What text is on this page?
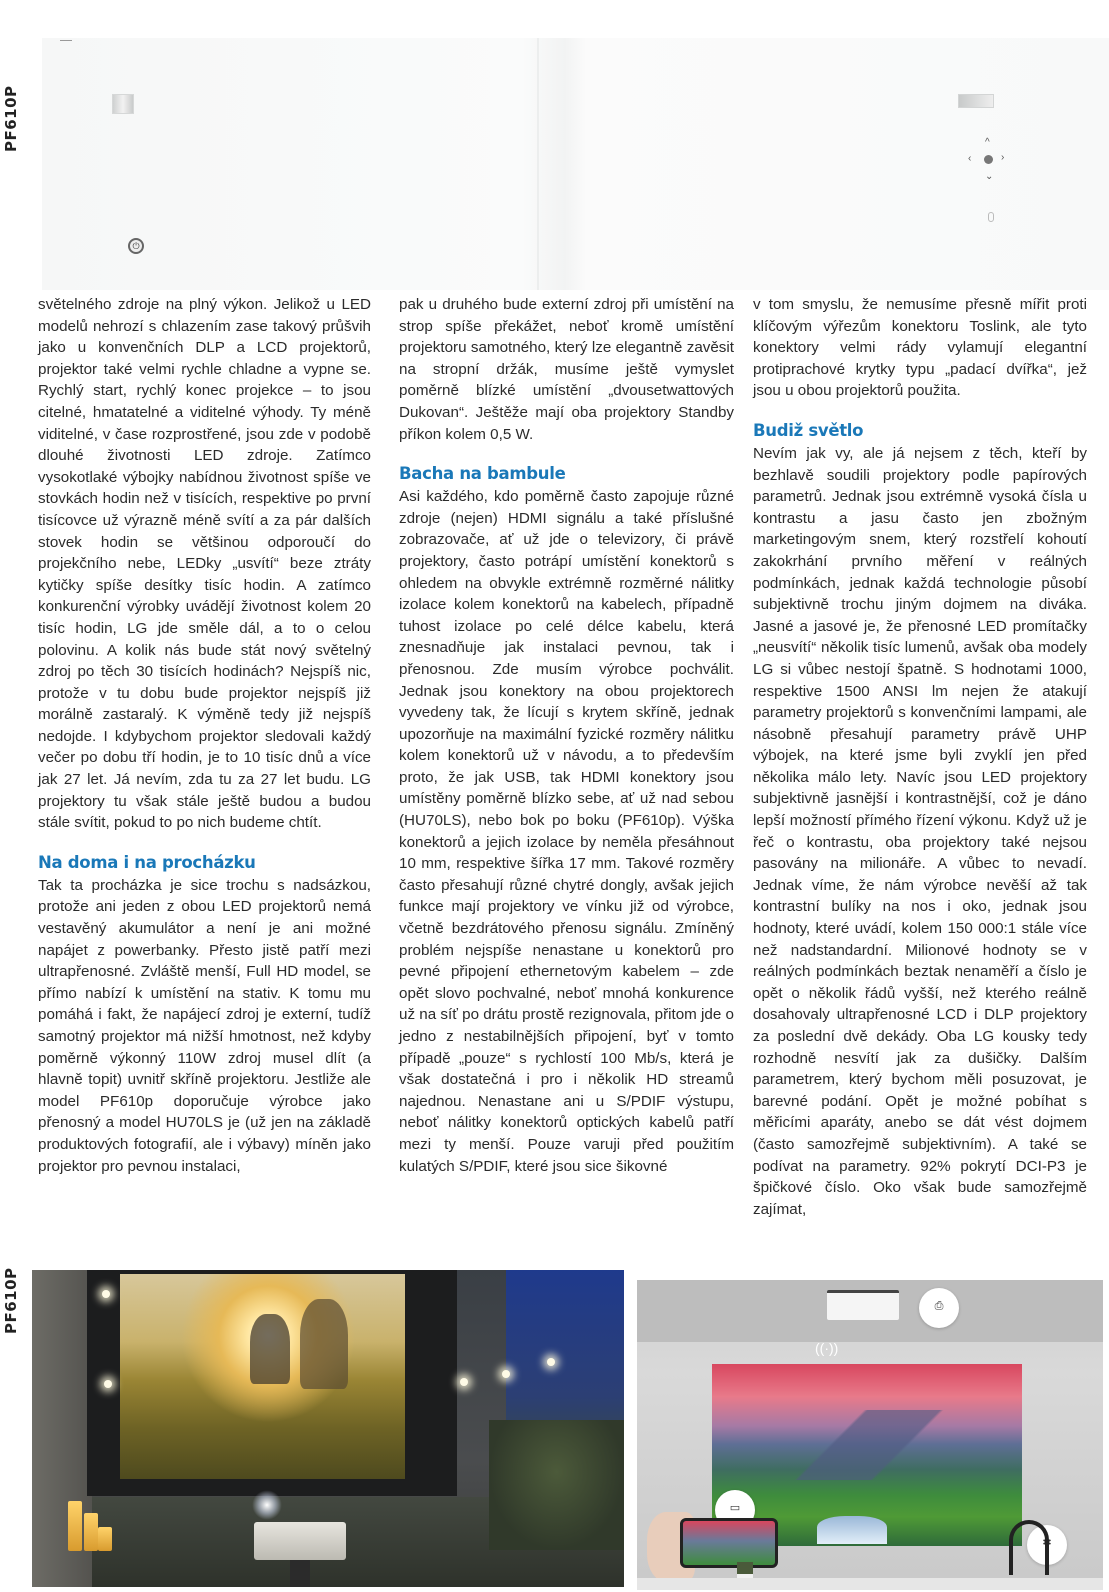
PF610P
PF610P
⏻
^
‹	›
⌄

světelného zdroje na plný výkon. Jelikož u LED modelů nehrozí s chlazením zase takový průšvih jako u konvenčních DLP a LCD projektorů, projektor také velmi rychle chladne a vypne se. Rychlý start, rychlý konec projekce – to jsou citelné, hmatatelné a viditelné výhody. Ty méně viditelné, v čase rozprostřené, jsou zde v podobě dlouhé životnosti LED zdroje. Zatímco vysokotlaké výbojky nabídnou životnost spíše ve stovkách hodin než v tisících, respektive po první tisícovce už výrazně méně svítí a za pár dalších stovek hodin se většinou odporoučí do projekčního nebe, LEDky „usvítí“ beze ztráty kytičky spíše desítky tisíc hodin. A zatímco konkurenční výrobky uvádějí životnost kolem 20 tisíc hodin, LG jde směle dál, a to o celou polovinu. A kolik nás bude stát nový světelný zdroj po těch 30 tisících hodinách? Nejspíš nic, protože v tu dobu bude projektor nejspíš již morálně zastaralý. K výměně tedy již nejspíš nedojde. I kdybychom projektor sledovali každý večer po dobu tří hodin, je to 10 tisíc dnů a více jak 27 let. Já nevím, zda tu za 27 let budu. LG projektory tu však stále ještě budou a budou stále svítit, pokud to po nich budeme chtít.

Na doma i na procházku

Tak ta procházka je sice trochu s nadsázkou, protože ani jeden z obou LED projektorů nemá vestavěný akumulátor a není je ani možné napájet z powerbanky. Přesto jistě patří mezi ultrapřenosné. Zvláště menší, Full HD model, se přímo nabízí k umístění na stativ. K tomu mu pomáhá i fakt, že napájecí zdroj je externí, tudíž samotný projektor má nižší hmotnost, než kdyby poměrně výkonný 110W zdroj musel dlít (a hlavně topit) uvnitř skříně projektoru. Jestliže ale model PF610p doporučuje výrobce jako přenosný a model HU70LS je (už jen na základě produktových fotografií, ale i výbavy) míněn jako projektor pro pevnou instalaci,

pak u druhého bude externí zdroj při umístění na strop spíše překážet, neboť kromě umístění projektoru samotného, který lze elegantně zavěsit na stropní držák, musíme ještě vymyslet poměrně blízké umístění „dvousetwattových Dukovan“. Ještěže mají oba projektory Standby příkon kolem 0,5 W.

Bacha na bambule

Asi každého, kdo poměrně často zapojuje různé zdroje (nejen) HDMI signálu a také příslušné zobrazovače, ať už jde o televizory, či právě projektory, často potrápí umístění konektorů s ohledem na obvykle extrémně rozměrné nálitky izolace kolem konektorů na kabelech, případně tuhost izolace po celé délce kabelu, která znesnadňuje jak instalaci pevnou, tak i přenosnou. Zde musím výrobce pochválit. Jednak jsou konektory na obou projektorech vyvedeny tak, že lícují s krytem skříně, jednak upozorňuje na maximální fyzické rozměry nálitku kolem konektorů už v návodu, a to především proto, že jak USB, tak HDMI konektory jsou umístěny poměrně blízko sebe, ať už nad sebou (HU70LS), nebo bok po boku (PF610p). Výška konektorů a jejich izolace by neměla přesáhnout 10 mm, respektive šířka 17 mm. Takové rozměry často přesahují různé chytré dongly, avšak jejich funkce mají projektory ve vínku již od výrobce, včetně bezdrátového přenosu signálu. Zmíněný problém nejspíše nenastane u konektorů pro pevné připojení ethernetovým kabelem – zde opět slovo pochvalné, neboť mnohá konkurence už na síť po drátu prostě rezignovala, přitom jde o jedno z nestabilnějších připojení, byť v tomto případě „pouze“ s rychlostí 100 Mb/s, která je však dostatečná i pro i několik HD streamů najednou. Nenastane ani u S/PDIF výstupu, neboť nálitky konektorů optických kabelů patří mezi ty menší. Pouze varuji před použitím kulatých S/PDIF, které jsou sice šikovné

v tom smyslu, že nemusíme přesně mířit proti klíčovým výřezům konektoru Toslink, ale tyto konektory velmi rády vylamují elegantní protiprachové krytky typu „padací dvířka“, jež jsou u obou projektorů použita.

Budiž světlo

Nevím jak vy, ale já nejsem z těch, kteří by bezhlavě soudili projektory podle papírových parametrů. Jednak jsou extrémně vysoká čísla u kontrastu a jasu často jen zbožným marketingovým snem, který rozstřelí kohoutí zakokrhání prvního měření v reálných podmínkách, jednak každá technologie působí subjektivně trochu jiným dojmem na diváka. Jasné a jasové je, že přenosné LED promítačky „neusvítí“ několik tisíc lumenů, avšak oba modely LG si vůbec nestojí špatně. S hodnotami 1000, respektive 1500 ANSI lm nejen že atakují parametry projektorů s konvenčními lampami, ale násobně přesahují parametry právě UHP výbojek, na které jsme byli zvyklí jen před několika málo lety. Navíc jsou LED projektory subjektivně jasnější i kontrastnější, což je dáno lepší možností přímého řízení výkonu. Když už je řeč o kontrastu, oba projektory také nejsou pasovány na milionáře. A vůbec to nevadí. Jednak víme, že nám výrobce nevěší až tak kontrastní bulíky na nos i oko, jednak jsou hodnoty, které uvádí, kolem 150 000:1 stále více než nadstandardní. Milionové hodnoty se v reálných podmínkách beztak nenaměří a číslo je opět o několik řádů vyšší, než kterého reálně dosahovaly ultrapřenosné LCD i DLP projektory za poslední dvě dekády. Oba LG kousky tedy rozhodně nesvítí jak za dušičky. Dalším parametrem, který bychom měli posuzovat, je barevné podání. Opět je možné pobíhat s měřicími aparáty, anebo se dát vést dojmem (často samozřejmě subjektivním). A také se podívat na parametry. 92% pokrytí DCI-P3 je špičkové číslo. Oko však bude samozřejmě zajímat,

((·))
⎙
▭
✱
